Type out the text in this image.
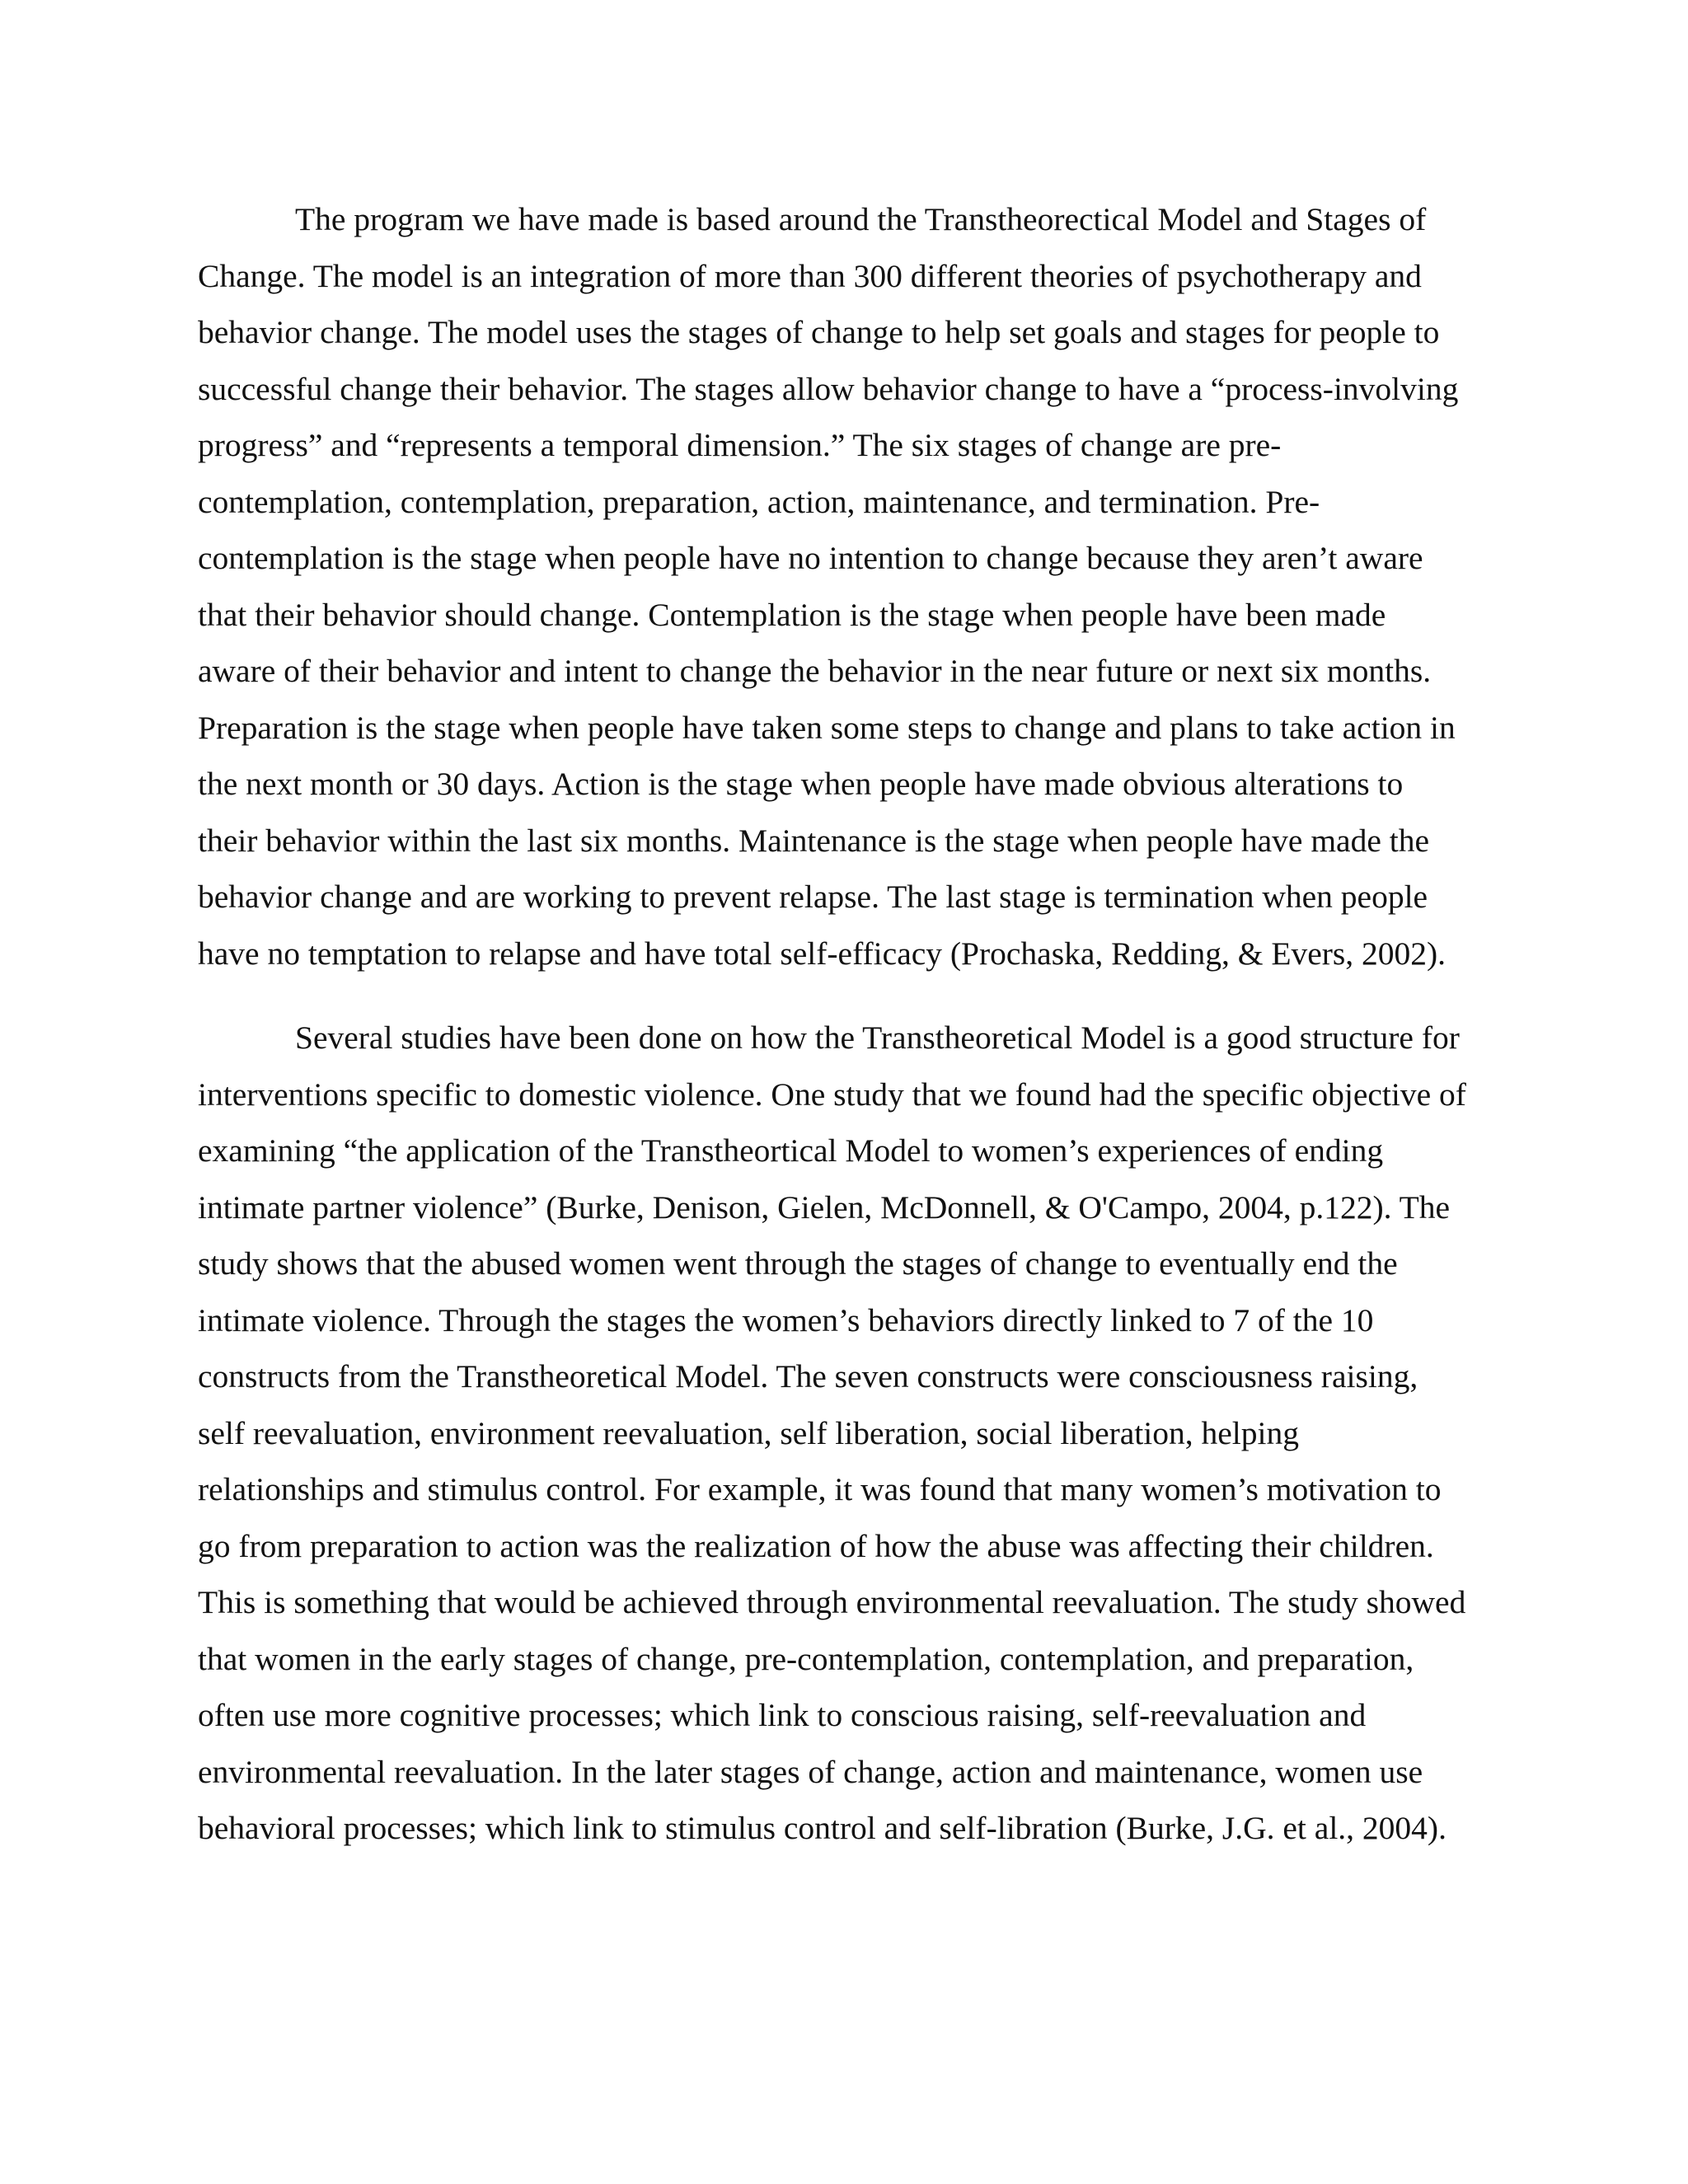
The program we have made is based around the Transtheorectical Model and Stages of
Change. The model is an integration of more than 300 different theories of psychotherapy and
behavior change. The model uses the stages of change to help set goals and stages for people to
successful change their behavior. The stages allow behavior change to have a “process-involving
progress” and “represents a temporal dimension.” The six stages of change are pre-
contemplation, contemplation, preparation, action, maintenance, and termination. Pre-
contemplation is the stage when people have no intention to change because they aren’t aware
that their behavior should change. Contemplation is the stage when people have been made
aware of their behavior and intent to change the behavior in the near future or next six months.
Preparation is the stage when people have taken some steps to change and plans to take action in
the next month or 30 days. Action is the stage when people have made obvious alterations to
their behavior within the last six months. Maintenance is the stage when people have made the
behavior change and are working to prevent relapse. The last stage is termination when people
have no temptation to relapse and have total self-efficacy (Prochaska, Redding, & Evers, 2002).
Several studies have been done on how the Transtheoretical Model is a good structure for
interventions specific to domestic violence. One study that we found had the specific objective of
examining “the application of the Transtheortical Model to women’s experiences of ending
intimate partner violence” (Burke, Denison, Gielen, McDonnell, & O'Campo, 2004, p.122). The
study shows that the abused women went through the stages of change to eventually end the
intimate violence. Through the stages the women’s behaviors directly linked to 7 of the 10
constructs from the Transtheoretical Model. The seven constructs were consciousness raising,
self reevaluation, environment reevaluation, self liberation, social liberation, helping
relationships and stimulus control. For example, it was found that many women’s motivation to
go from preparation to action was the realization of how the abuse was affecting their children.
This is something that would be achieved through environmental reevaluation. The study showed
that women in the early stages of change, pre-contemplation, contemplation, and preparation,
often use more cognitive processes; which link to conscious raising, self-reevaluation and
environmental reevaluation. In the later stages of change, action and maintenance, women use
behavioral processes; which link to stimulus control and self-libration (Burke, J.G. et al., 2004).
